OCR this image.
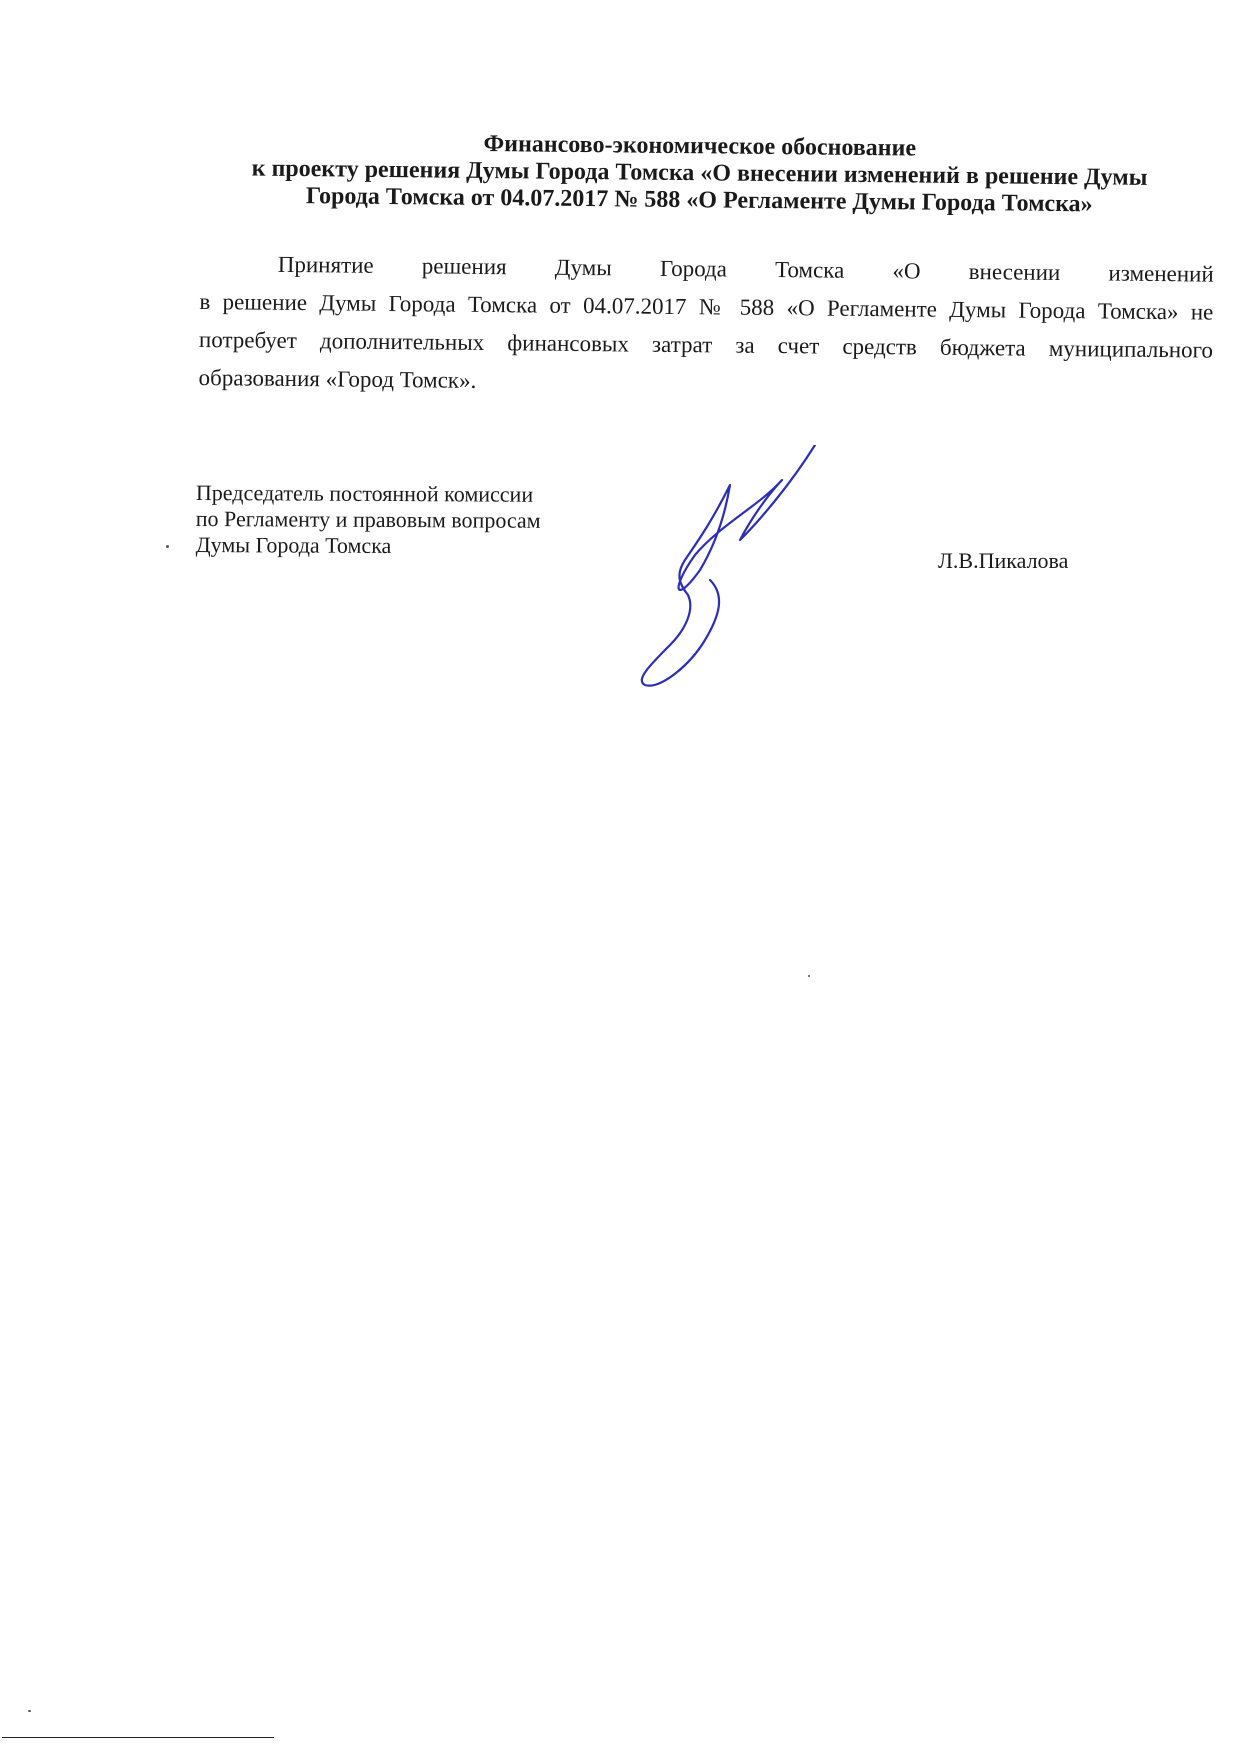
Финансово-экономическое обоснование
к проекту решения Думы Города Томска «О внесении изменений в решение Думы
Города Томска от 04.07.2017 № 588 «О Регламенте Думы Города Томска»
Принятие решения Думы Города Томска «О внесении изменений
в решение Думы Города Томска от 04.07.2017 № 588 «О Регламенте Думы Города Томска» не
потребует дополнительных финансовых затрат за счет средств бюджета муниципального
образования «Город Томск».
Председатель постоянной комиссии
по Регламенту и правовым вопросам
Думы Города Томска
Л.В.Пикалова
